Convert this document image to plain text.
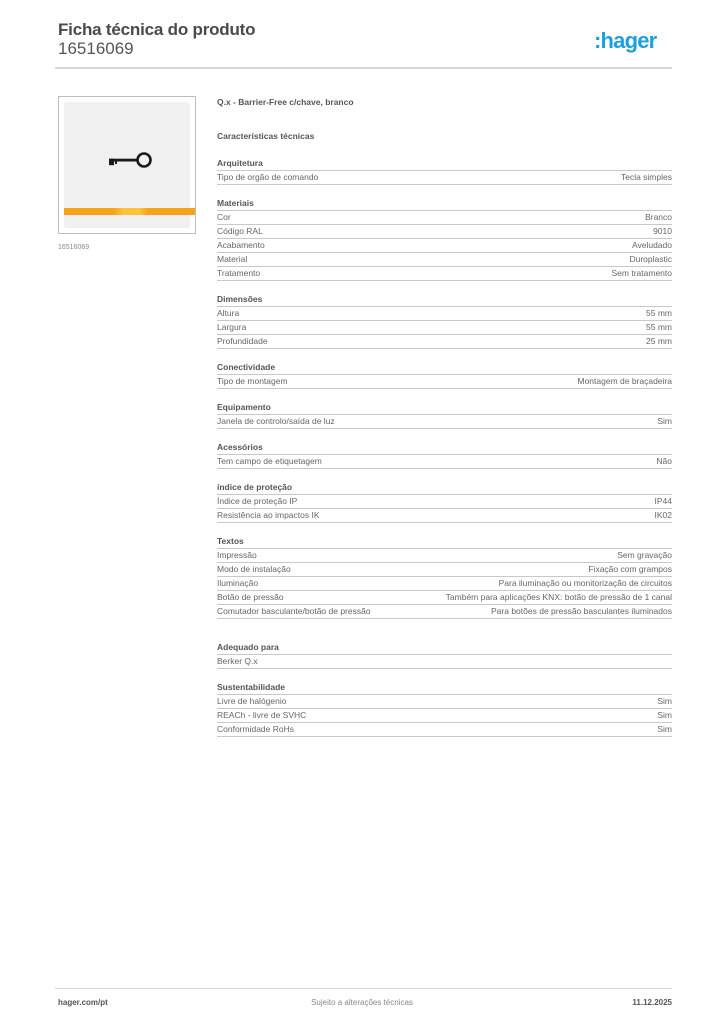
Ficha técnica do produto
16516069	:hager
16516069
Q.x - Barrier-Free c/chave, branco
Características técnicas
Arquitetura
Tipo de orgão de comando	Tecla simples
Materiais
Cor	Branco
Código RAL	9010
Acabamento	Aveludado
Material	Duroplastic
Tratamento	Sem tratamento
Dimensões
Altura	55 mm
Largura	55 mm
Profundidade	25 mm
Conectividade
Tipo de montagem	Montagem de braçadeira
Equipamento
Janela de controlo/saída de luz	Sim
Acessórios
Tem campo de etiquetagem	Não
índice de proteção
Índice de proteção IP	IP44
Resistência ao impactos IK	IK02
Textos
Impressão	Sem gravação
Modo de instalação	Fixação com grampos
Iluminação	Para iluminação ou monitorização de circuitos
Botão de pressão	Também para aplicações KNX: botão de pressão de 1 canal
Comutador basculante/botão de pressão	Para botões de pressão basculantes iluminados
Adequado para
Berker Q.x
Sustentabilidade
Livre de halógenio	Sim
REACh - livre de SVHC	Sim
Conformidade RoHs	Sim
hager.com/pt	Sujeito a alterações técnicas	11.12.2025
